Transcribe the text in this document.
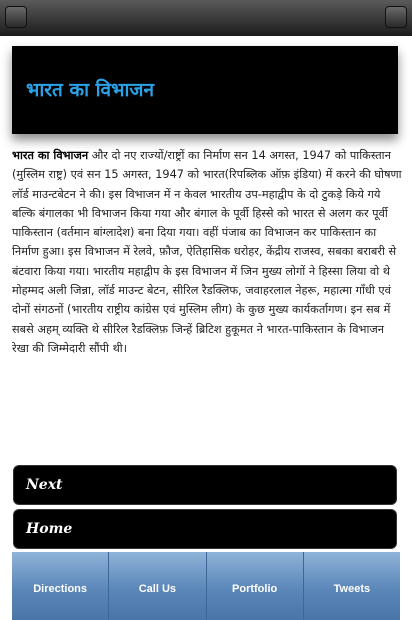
भारत का विभाजन

भारत का विभाजन और दो नए राज्यों/राष्ट्रों का निर्माण सन 14 अगस्त, 1947 को पाकिस्तान (मुस्लिम राष्ट्र) एवं सन 15 अगस्त, 1947 को भारत(रिपब्लिक ऑफ़ इंडिया) में करने की घोषणा लॉर्ड माउन्टबेटन ने की। इस विभाजन में न केवल भारतीय उप-महाद्वीप के दो टुकड़े किये गये बल्कि बंगालका भी विभाजन किया गया और बंगाल के पूर्वी हिस्से को भारत से अलग कर पूर्वी पाकिस्तान (वर्तमान बांग्लादेश) बना दिया गया। वहीं पंजाब का विभाजन कर पाकिस्तान का निर्माण हुआ। इस विभाजन में रेलवे, फ़ौज, ऐतिहासिक धरोहर, केंद्रीय राजस्व, सबका बराबरी से बंटवारा किया गया। भारतीय महाद्वीप के इस विभाजन में जिन मुख्य लोगों ने हिस्सा लिया वो थे मोहम्मद अली जिन्ना, लॉर्ड माउन्ट बेटन, सीरिल रैडक्लिफ, जवाहरलाल नेहरू, महात्मा गाँधी एवं दोनों संगठनों (भारतीय राष्ट्रीय कांग्रेस एवं मुस्लिम लीग) के कुछ मुख्य कार्यकर्तागण। इन सब में सबसे अहम् व्यक्ति थे सीरिल रैडक्लिफ़ जिन्हें ब्रिटिश हुकूमत ने भारत-पाकिस्तान के विभाजन रेखा की जिम्मेदारी सौंपी थी।

Next
Home
Directions	Call Us	Portfolio	Tweets
